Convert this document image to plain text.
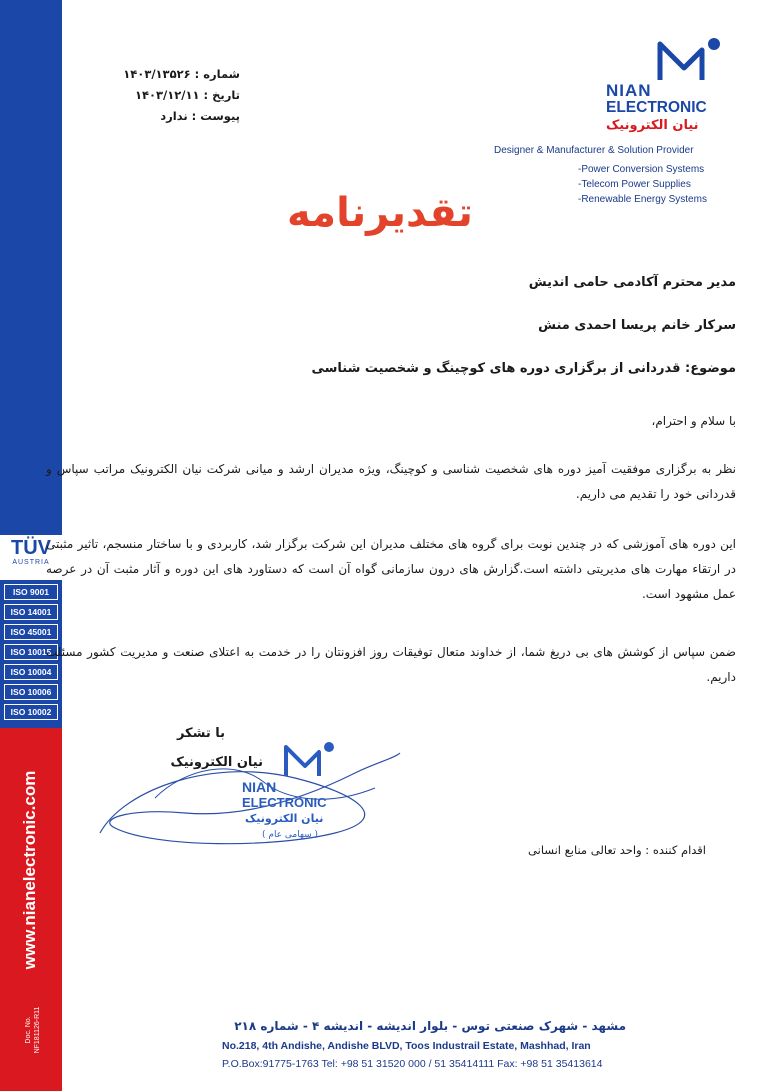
TÜV
AUSTRIA
ISO 9001
ISO 14001
ISO 45001
ISO 10015
ISO 10004
ISO 10006
ISO 10002
www.nianelectronic.com
Doc. No. NF181126-R11
شماره : ۱۴۰۳/۱۳۵۲۶
تاریخ : ۱۴۰۳/۱۲/۱۱
پیوست : ندارد
NIAN
ELECTRONIC
نیان الکترونیک
Designer & Manufacturer & Solution Provider
-Power Conversion Systems
-Telecom Power Supplies
-Renewable Energy Systems
تقدیرنامه
مدیر محترم آکادمی حامی اندیش
سرکار خانم پریسا احمدی منش
موضوع: قدردانی از برگزاری دوره های کوچینگ و شخصیت شناسی
با سلام و احترام،
نظر به برگزاری موفقیت آمیز دوره های شخصیت شناسی و کوچینگ، ویژه مدیران ارشد و میانی شرکت نیان الکترونیک مراتب سپاس و قدردانی خود را تقدیم می داریم.
این دوره های آموزشی که در چندین نوبت برای گروه های مختلف مدیران این شرکت برگزار شد، کاربردی و با ساختار منسجم، تاثیر مثبتی در ارتقاء مهارت های مدیریتی داشته است.گزارش های درون سازمانی گواه آن است که دستاورد های این دوره و آثار مثبت آن در عرصه عمل مشهود است.
ضمن سپاس از کوشش های بی دریغ شما، از خداوند متعال توفیقات روز افزونتان را در خدمت به اعتلای صنعت و مدیریت کشور مسئلت داریم.
با تشکر
نیان الکترونیک
اقدام کننده : واحد تعالی منابع انسانی
NIAN
ELECTRONIC
نیان الکترونیک
( سهامی عام )
مشهد - شهرک صنعتی توس - بلوار اندیشه - اندیشه ۴ - شماره ۲۱۸
No.218, 4th Andishe, Andishe BLVD, Toos Industrail Estate, Mashhad, Iran
P.O.Box:91775-1763 Tel: +98 51 31520 000 / 51 35414111 Fax: +98 51 35413614
